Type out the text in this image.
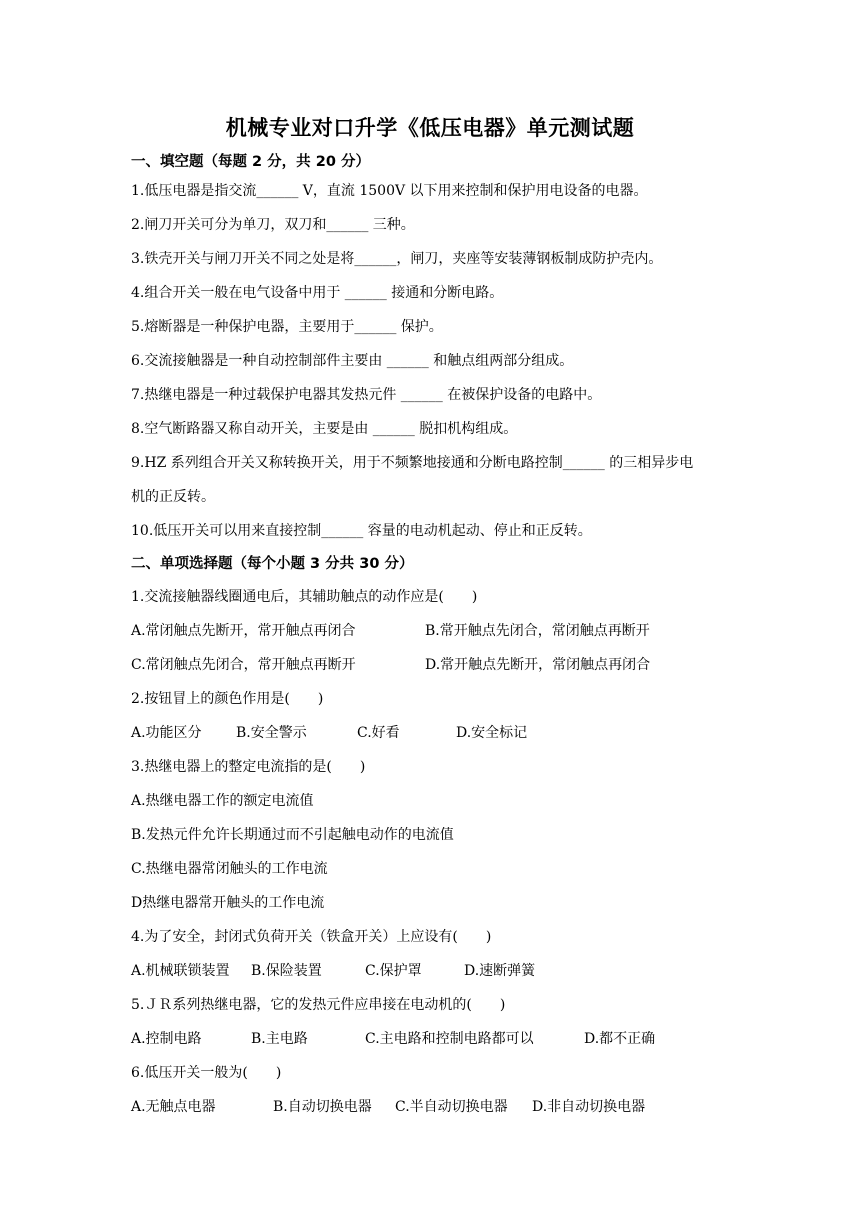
机械专业对口升学《低压电器》单元测试题
一、填空题（每题 2 分，共 20 分）
1.低压电器是指交流______ V，直流 1500V 以下用来控制和保护用电设备的电器。
2.闸刀开关可分为单刀，双刀和______ 三种。
3.铁壳开关与闸刀开关不同之处是将______，闸刀，夹座等安装薄钢板制成防护壳内。
4.组合开关一般在电气设备中用于 ______ 接通和分断电路。
5.熔断器是一种保护电器，主要用于______ 保护。
6.交流接触器是一种自动控制部件主要由 ______ 和触点组两部分组成。
7.热继电器是一种过载保护电器其发热元件 ______ 在被保护设备的电路中。
8.空气断路器又称自动开关，主要是由 ______ 脱扣机构组成。
9.HZ 系列组合开关又称转换开关，用于不频繁地接通和分断电路控制______ 的三相异步电
机的正反转。
10.低压开关可以用来直接控制______ 容量的电动机起动、停止和正反转。
二、单项选择题（每个小题 3 分共 30 分）
1.交流接触器线圈通电后，其辅助触点的动作应是(　　)
A.常闭触点先断开，常开触点再闭合	B.常开触点先闭合，常闭触点再断开
C.常闭触点先闭合，常开触点再断开	D.常开触点先断开，常闭触点再闭合
2.按钮冒上的颜色作用是(　　)
A.功能区分 B.安全警示	C.好看	D.安全标记
3.热继电器上的整定电流指的是(　　)
A.热继电器工作的额定电流值
B.发热元件允许长期通过而不引起触电动作的电流值
C.热继电器常闭触头的工作电流
D热继电器常开触头的工作电流
4.为了安全，封闭式负荷开关（铁盒开关）上应设有(　　)
A.机械联锁装置 B.保险装置	C.保护罩	D.速断弹簧
5.ＪＲ系列热继电器，它的发热元件应串接在电动机的(　　)
A.控制电路	B.主电路	C.主电路和控制电路都可以	D.都不正确
6.低压开关一般为(　　)
A.无触点电器	B.自动切换电器 C.半自动切换电器 D.非自动切换电器
